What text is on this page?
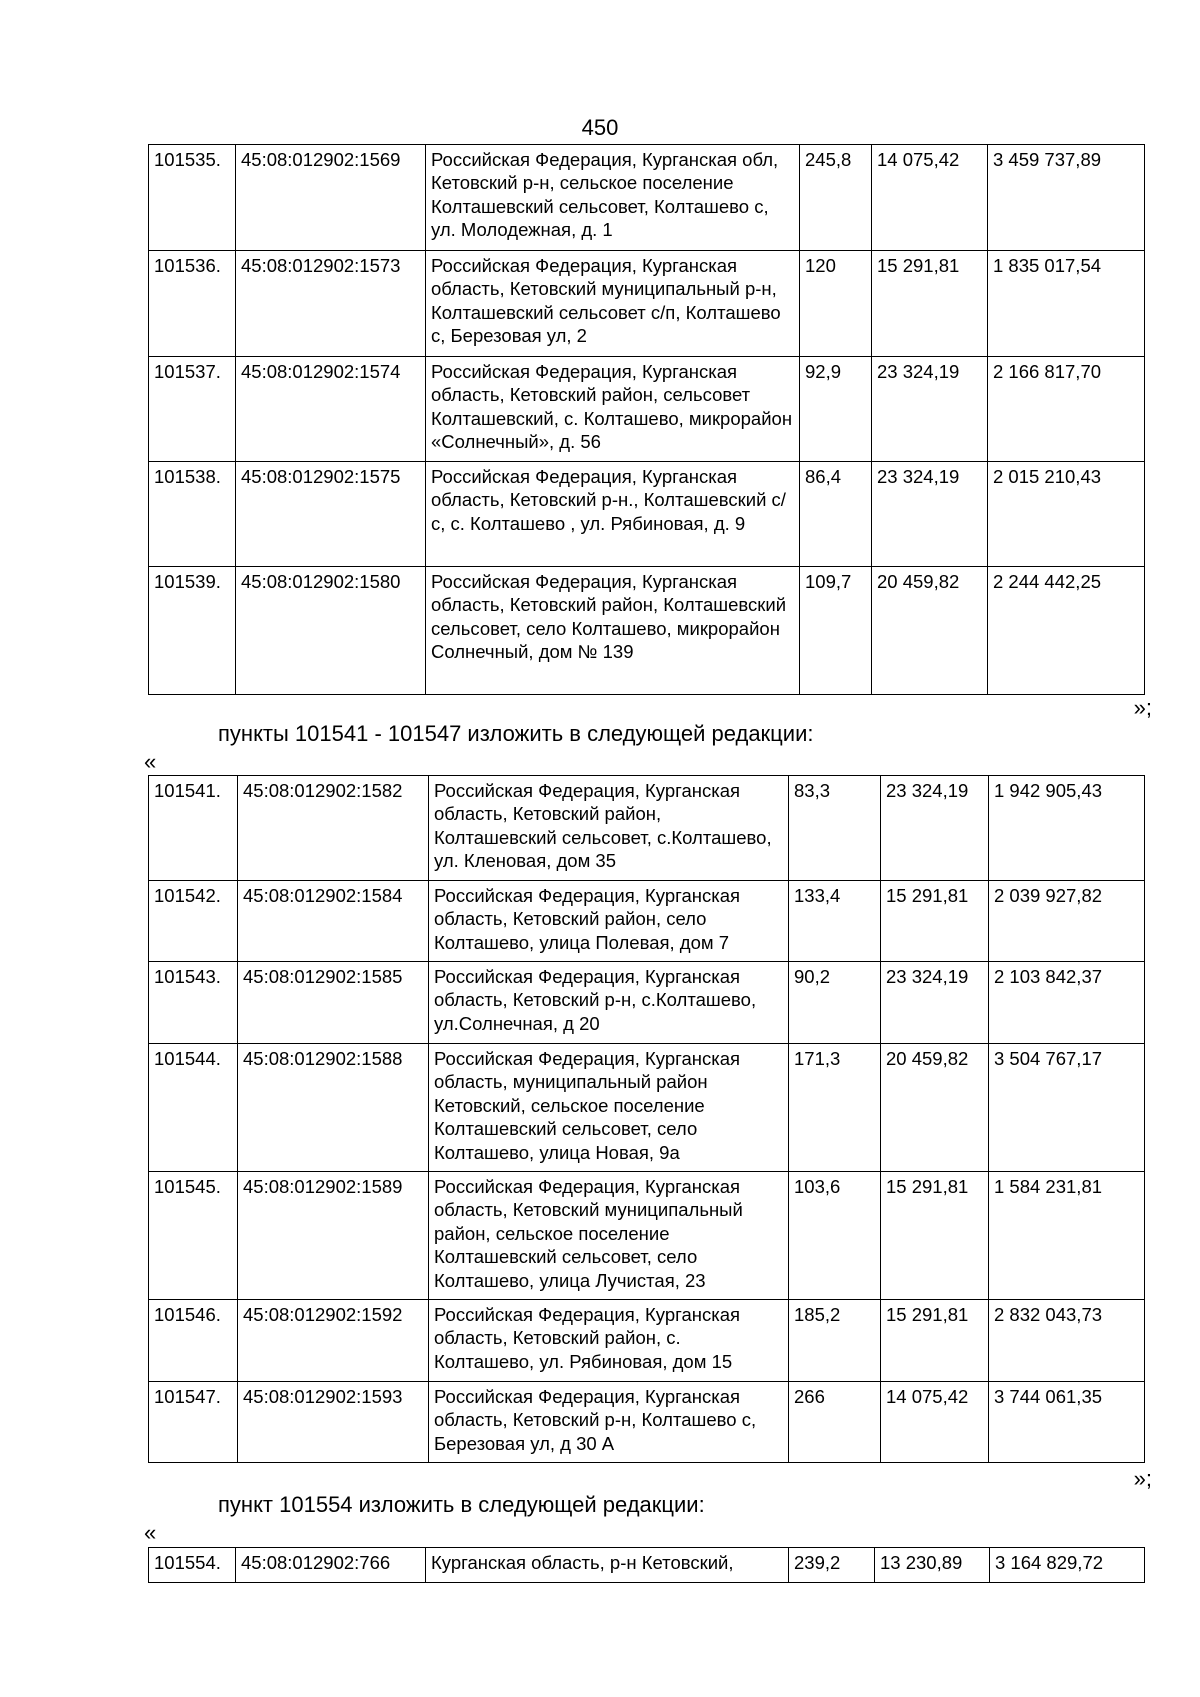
450
101535.	45:08:012902:1569	Российская Федерация, Курганская обл, Кетовский р-н, сельское поселение Колташевский сельсовет, Колташево с, ул. Молодежная, д. 1	245,8	14 075,42	3 459 737,89
101536.	45:08:012902:1573	Российская Федерация, Курганская область, Кетовский муниципальный р-н, Колташевский сельсовет с/п, Колташево с, Березовая ул, 2	120	15 291,81	1 835 017,54
101537.	45:08:012902:1574	Российская Федерация, Курганская область, Кетовский район, сельсовет Колташевский, с. Колташево, микрорайон «Солнечный», д. 56	92,9	23 324,19	2 166 817,70
101538.	45:08:012902:1575	Российская Федерация, Курганская область, Кетовский р-н., Колташевский с/с, с. Колташево , ул. Рябиновая, д. 9	86,4	23 324,19	2 015 210,43
101539.	45:08:012902:1580	Российская Федерация, Курганская область, Кетовский район, Колташевский сельсовет, село Колташево, микрорайон Солнечный, дом № 139	109,7	20 459,82	2 244 442,25
»;
пункты 101541 - 101547 изложить в следующей редакции:
«
101541.	45:08:012902:1582	Российская Федерация, Курганская область, Кетовский район, Колташевский сельсовет, с.Колташево, ул. Кленовая, дом 35	83,3	23 324,19	1 942 905,43
101542.	45:08:012902:1584	Российская Федерация, Курганская область, Кетовский район, село Колташево, улица Полевая, дом 7	133,4	15 291,81	2 039 927,82
101543.	45:08:012902:1585	Российская Федерация, Курганская область, Кетовский р-н, с.Колташево, ул.Солнечная, д 20	90,2	23 324,19	2 103 842,37
101544.	45:08:012902:1588	Российская Федерация, Курганская область, муниципальный район Кетовский, сельское поселение Колташевский сельсовет, село Колташево, улица Новая, 9а	171,3	20 459,82	3 504 767,17
101545.	45:08:012902:1589	Российская Федерация, Курганская область, Кетовский муниципальный район, сельское поселение Колташевский сельсовет, село Колташево, улица Лучистая, 23	103,6	15 291,81	1 584 231,81
101546.	45:08:012902:1592	Российская Федерация, Курганская область, Кетовский район, с. Колташево, ул. Рябиновая, дом 15	185,2	15 291,81	2 832 043,73
101547.	45:08:012902:1593	Российская Федерация, Курганская область, Кетовский р-н, Колташево с, Березовая ул, д 30 А	266	14 075,42	3 744 061,35
»;
пункт 101554 изложить в следующей редакции:
«
101554.	45:08:012902:766	Курганская область, р-н Кетовский,	239,2	13 230,89	3 164 829,72
